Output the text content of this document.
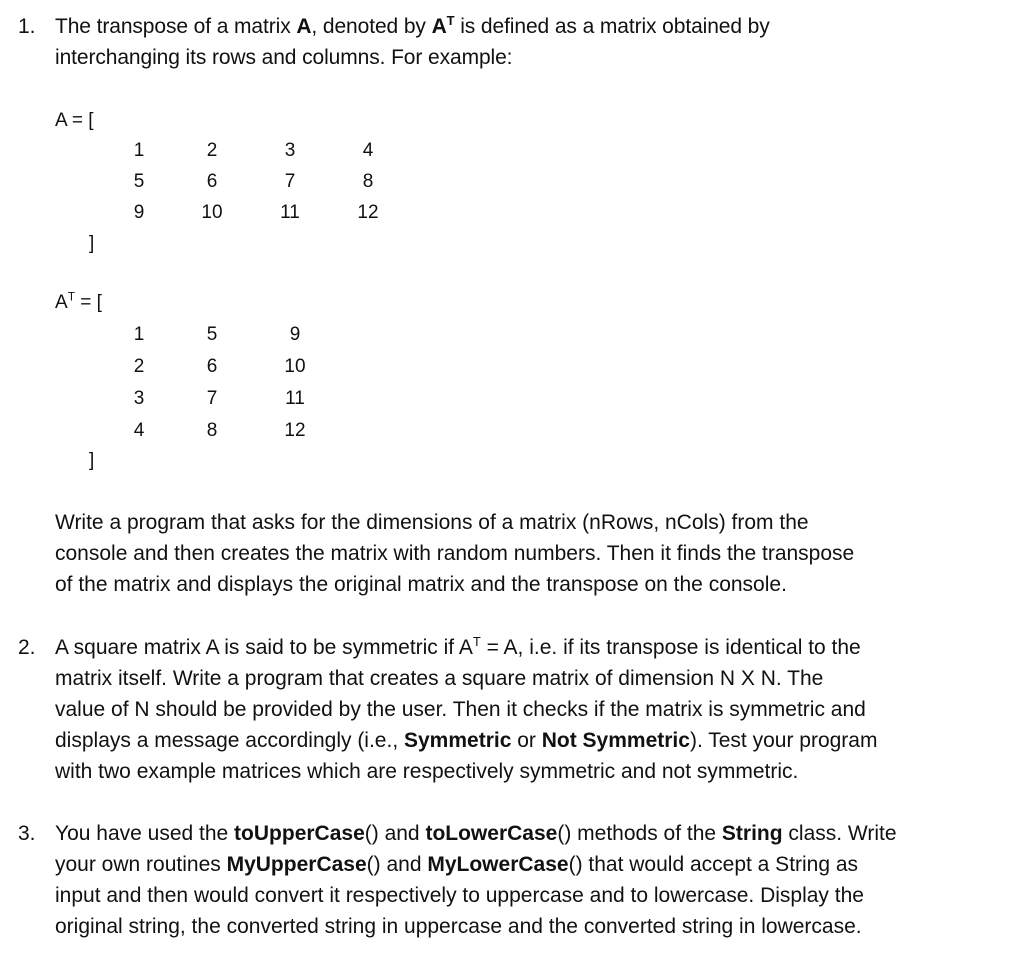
1. The transpose of a matrix A, denoted by $A^T$ is defined as a matrix obtained by
interchanging its rows and columns. For example:
A = [
1	2	3	4
5	6	7	8
9	10	11	12
]
$A^T$ = [
1	5	9
2	6	10
3	7	11
4	8	12
]
Write a program that asks for the dimensions of a matrix (nRows, nCols) from the
console and then creates the matrix with random numbers. Then it finds the transpose
of the matrix and displays the original matrix and the transpose on the console.
2. A square matrix A is said to be symmetric if $A^T = A$, i.e. if its transpose is identical to the
matrix itself. Write a program that creates a square matrix of dimension N X N. The
value of N should be provided by the user. Then it checks if the matrix is symmetric and
displays a message accordingly (i.e., Symmetric or Not Symmetric). Test your program
with two example matrices which are respectively symmetric and not symmetric.
3. You have used the toUpperCase() and toLowerCase() methods of the String class. Write
your own routines MyUpperCase() and MyLowerCase() that would accept a String as
input and then would convert it respectively to uppercase and to lowercase. Display the
original string, the converted string in uppercase and the converted string in lowercase.
